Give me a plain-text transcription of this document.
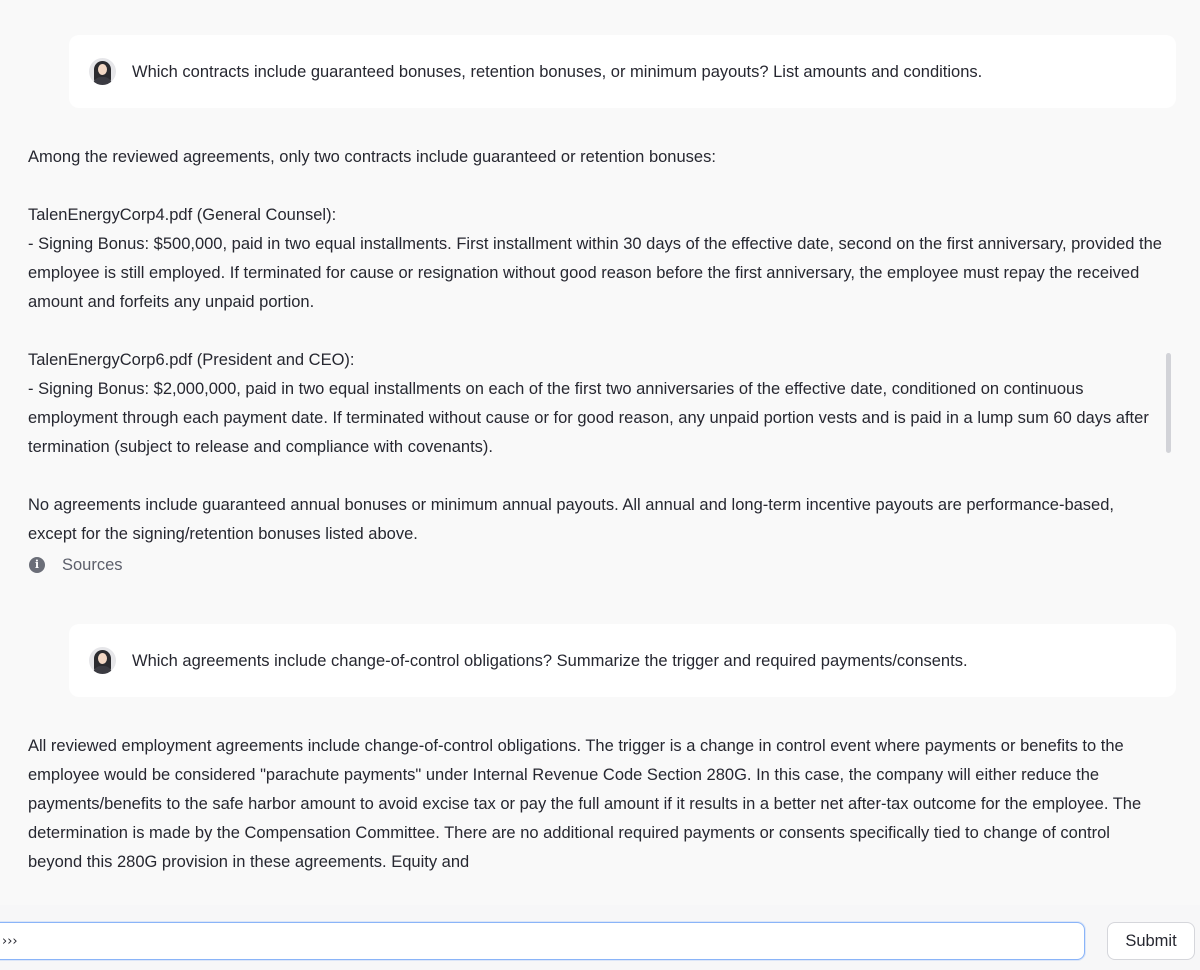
Which contracts include guaranteed bonuses, retention bonuses, or minimum payouts? List amounts and conditions.

Among the reviewed agreements, only two contracts include guaranteed or retention bonuses:

TalenEnergyCorp4.pdf (General Counsel):
- Signing Bonus: $500,000, paid in two equal installments. First installment within 30 days of the effective date, second on the first anniversary, provided the employee is still employed. If terminated for cause or resignation without good reason before the first anniversary, the employee must repay the received amount and forfeits any unpaid portion.

TalenEnergyCorp6.pdf (President and CEO):
- Signing Bonus: $2,000,000, paid in two equal installments on each of the first two anniversaries of the effective date, conditioned on continuous employment through each payment date. If terminated without cause or for good reason, any unpaid portion vests and is paid in a lump sum 60 days after termination (subject to release and compliance with covenants).

No agreements include guaranteed annual bonuses or minimum annual payouts. All annual and long-term incentive payouts are performance-based, except for the signing/retention bonuses listed above.

i	Sources
Which agreements include change-of-control obligations? Summarize the trigger and required payments/consents.

All reviewed employment agreements include change-of-control obligations. The trigger is a change in control event where payments or benefits to the employee would be considered "parachute payments" under Internal Revenue Code Section 280G. In this case, the company will either reduce the payments/benefits to the safe harbor amount to avoid excise tax or pay the full amount if it results in a better net after-tax outcome for the employee. The determination is made by the Compensation Committee. There are no additional required payments or consents specifically tied to change of control beyond this 280G provision in these agreements. Equity and

›››
Submit
